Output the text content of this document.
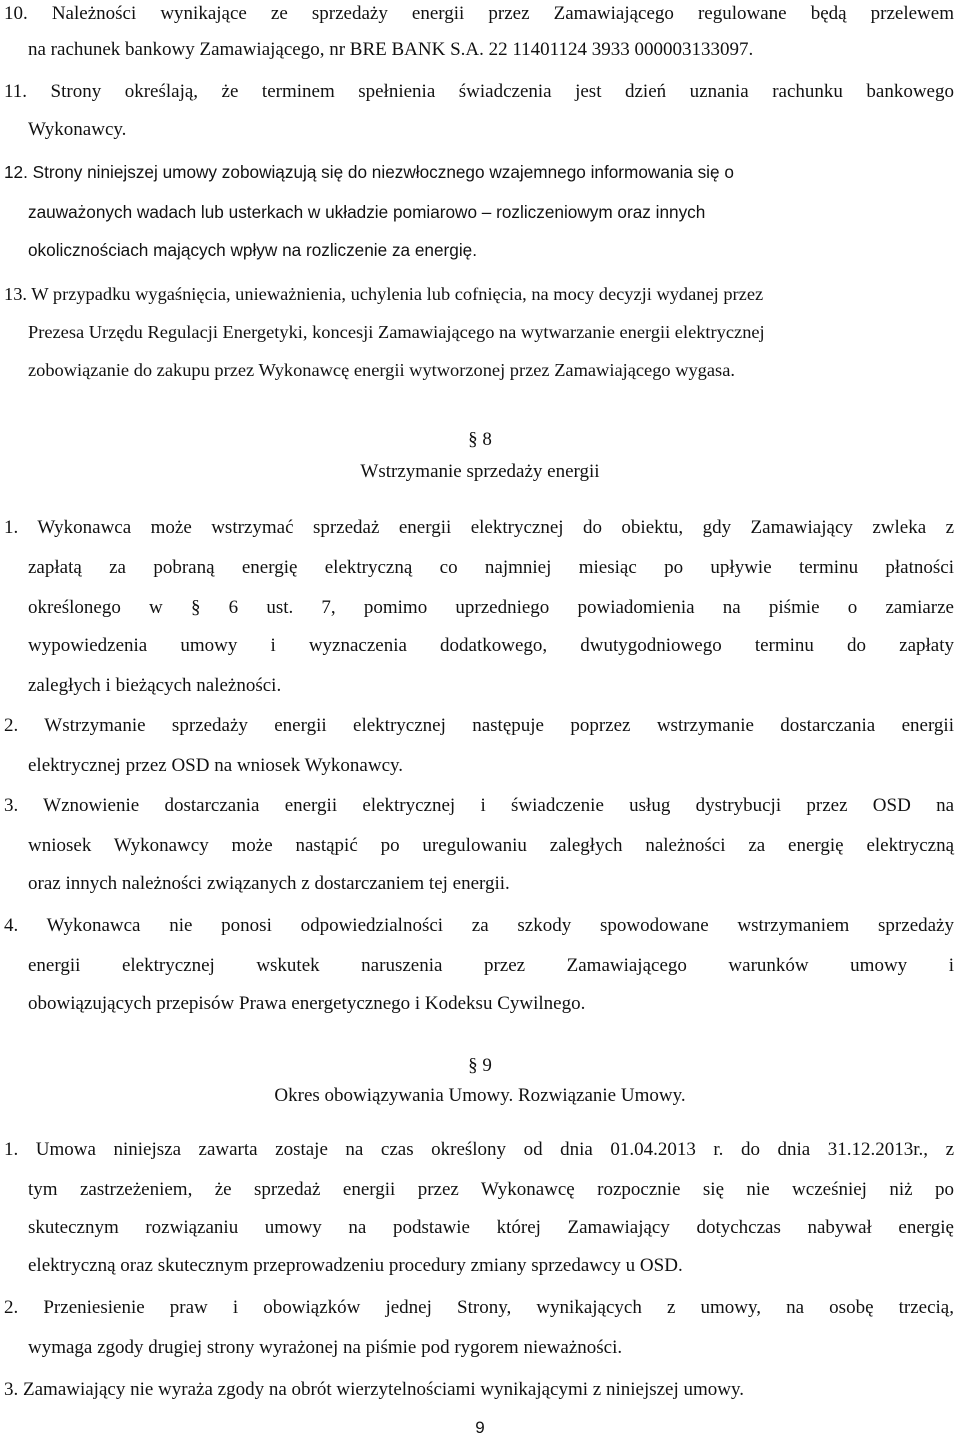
10. Należności wynikające ze sprzedaży energii przez Zamawiającego regulowane będą przelewem
na rachunek bankowy Zamawiającego, nr BRE BANK S.A. 22 11401124 3933 000003133097.
11. Strony określają, że terminem spełnienia świadczenia jest dzień uznania rachunku bankowego
Wykonawcy.
12. Strony niniejszej umowy zobowiązują się do niezwłocznego wzajemnego informowania się o
zauważonych wadach lub usterkach w układzie pomiarowo – rozliczeniowym oraz innych
okolicznościach mających wpływ na rozliczenie za energię.
13. W przypadku wygaśnięcia, unieważnienia, uchylenia lub cofnięcia, na mocy decyzji wydanej przez
Prezesa Urzędu Regulacji Energetyki, koncesji Zamawiającego na wytwarzanie energii elektrycznej
zobowiązanie do zakupu przez Wykonawcę energii wytworzonej przez Zamawiającego wygasa.
§ 8
Wstrzymanie sprzedaży energii
1. Wykonawca może wstrzymać sprzedaż energii elektrycznej do obiektu, gdy Zamawiający zwleka z
zapłatą za pobraną energię elektryczną co najmniej miesiąc po upływie terminu płatności
określonego w § 6 ust. 7, pomimo uprzedniego powiadomienia na piśmie o zamiarze
wypowiedzenia umowy i wyznaczenia dodatkowego, dwutygodniowego terminu do zapłaty
zaległych i bieżących należności.
2. Wstrzymanie sprzedaży energii elektrycznej następuje poprzez wstrzymanie dostarczania energii
elektrycznej przez OSD na wniosek Wykonawcy.
3. Wznowienie dostarczania energii elektrycznej i świadczenie usług dystrybucji przez OSD na
wniosek Wykonawcy może nastąpić po uregulowaniu zaległych należności za energię elektryczną
oraz innych należności związanych z dostarczaniem tej energii.
4. Wykonawca nie ponosi odpowiedzialności za szkody spowodowane wstrzymaniem sprzedaży
energii elektrycznej wskutek naruszenia przez Zamawiającego warunków umowy i
obowiązujących przepisów Prawa energetycznego i Kodeksu Cywilnego.
§ 9
Okres obowiązywania Umowy. Rozwiązanie Umowy.
1. Umowa niniejsza zawarta zostaje na czas określony od dnia 01.04.2013 r. do dnia 31.12.2013r., z
tym zastrzeżeniem, że sprzedaż energii przez Wykonawcę rozpocznie się nie wcześniej niż po
skutecznym rozwiązaniu umowy na podstawie której Zamawiający dotychczas nabywał energię
elektryczną oraz skutecznym przeprowadzeniu procedury zmiany sprzedawcy u OSD.
2. Przeniesienie praw i obowiązków jednej Strony, wynikających z umowy, na osobę trzecią,
wymaga zgody drugiej strony wyrażonej na piśmie pod rygorem nieważności.
3. Zamawiający nie wyraża zgody na obrót wierzytelnościami wynikającymi z niniejszej umowy.
9
